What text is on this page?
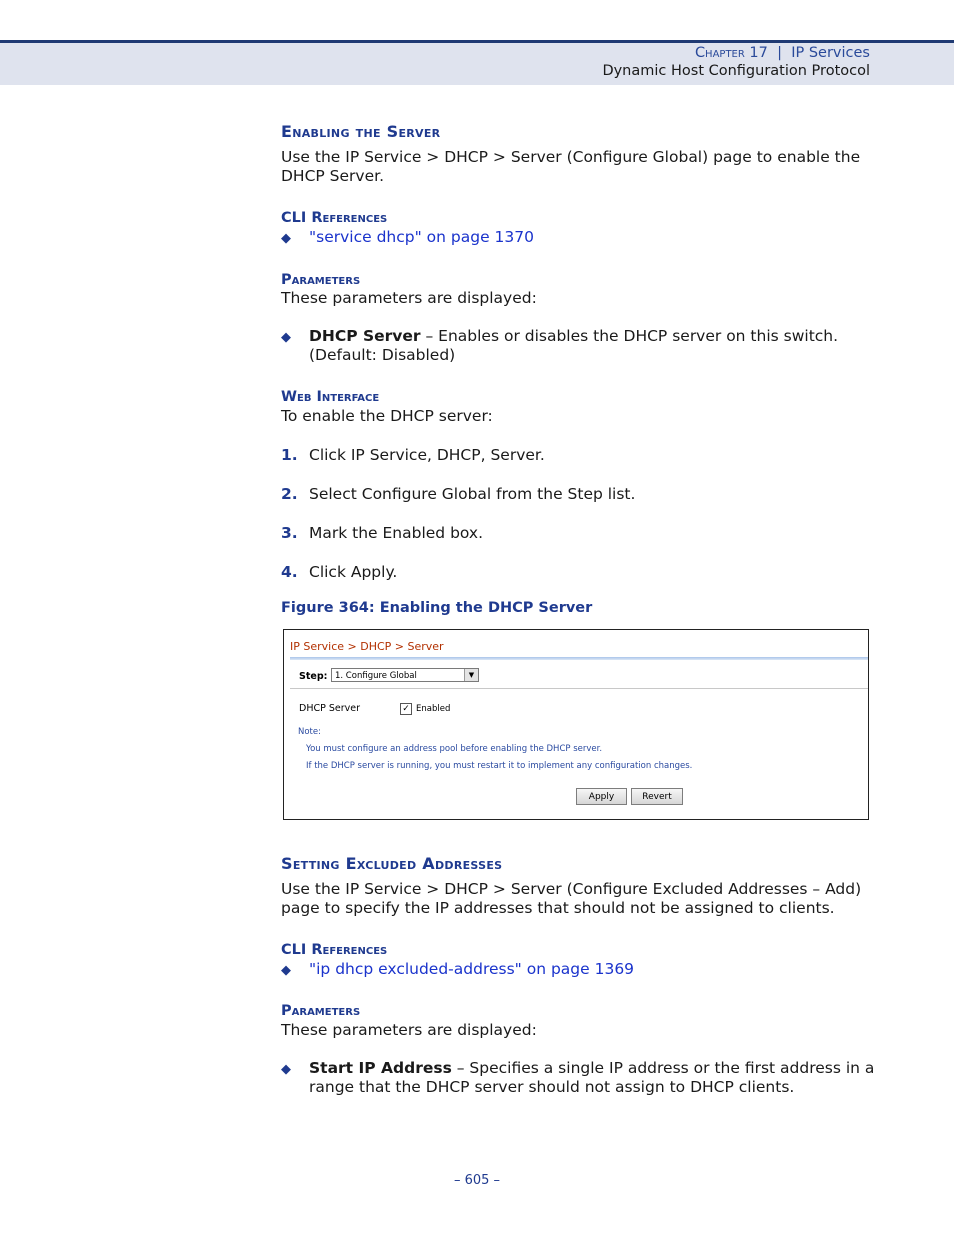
Chapter 17 | IP Services
Dynamic Host Configuration Protocol
Enabling the Server
Use the IP Service > DHCP > Server (Configure Global) page to enable the DHCP Server.
CLI References
◆ "service dhcp" on page 1370
Parameters
These parameters are displayed:
◆ DHCP Server – Enables or disables the DHCP server on this switch. (Default: Disabled)
Web Interface
To enable the DHCP server:
1. Click IP Service, DHCP, Server.
2. Select Configure Global from the Step list.
3. Mark the Enabled box.
4. Click Apply.
Figure 364: Enabling the DHCP Server
IP Service > DHCP > Server
Step: 1. Configure Global	▼
DHCP Server	✓ Enabled
Note:
You must configure an address pool before enabling the DHCP server.
If the DHCP server is running, you must restart it to implement any configuration changes.
Apply	Revert
Setting Excluded Addresses
Use the IP Service > DHCP > Server (Configure Excluded Addresses – Add) page to specify the IP addresses that should not be assigned to clients.
CLI References
◆ "ip dhcp excluded-address" on page 1369
Parameters
These parameters are displayed:
◆ Start IP Address – Specifies a single IP address or the first address in a range that the DHCP server should not assign to DHCP clients.
– 605 –
